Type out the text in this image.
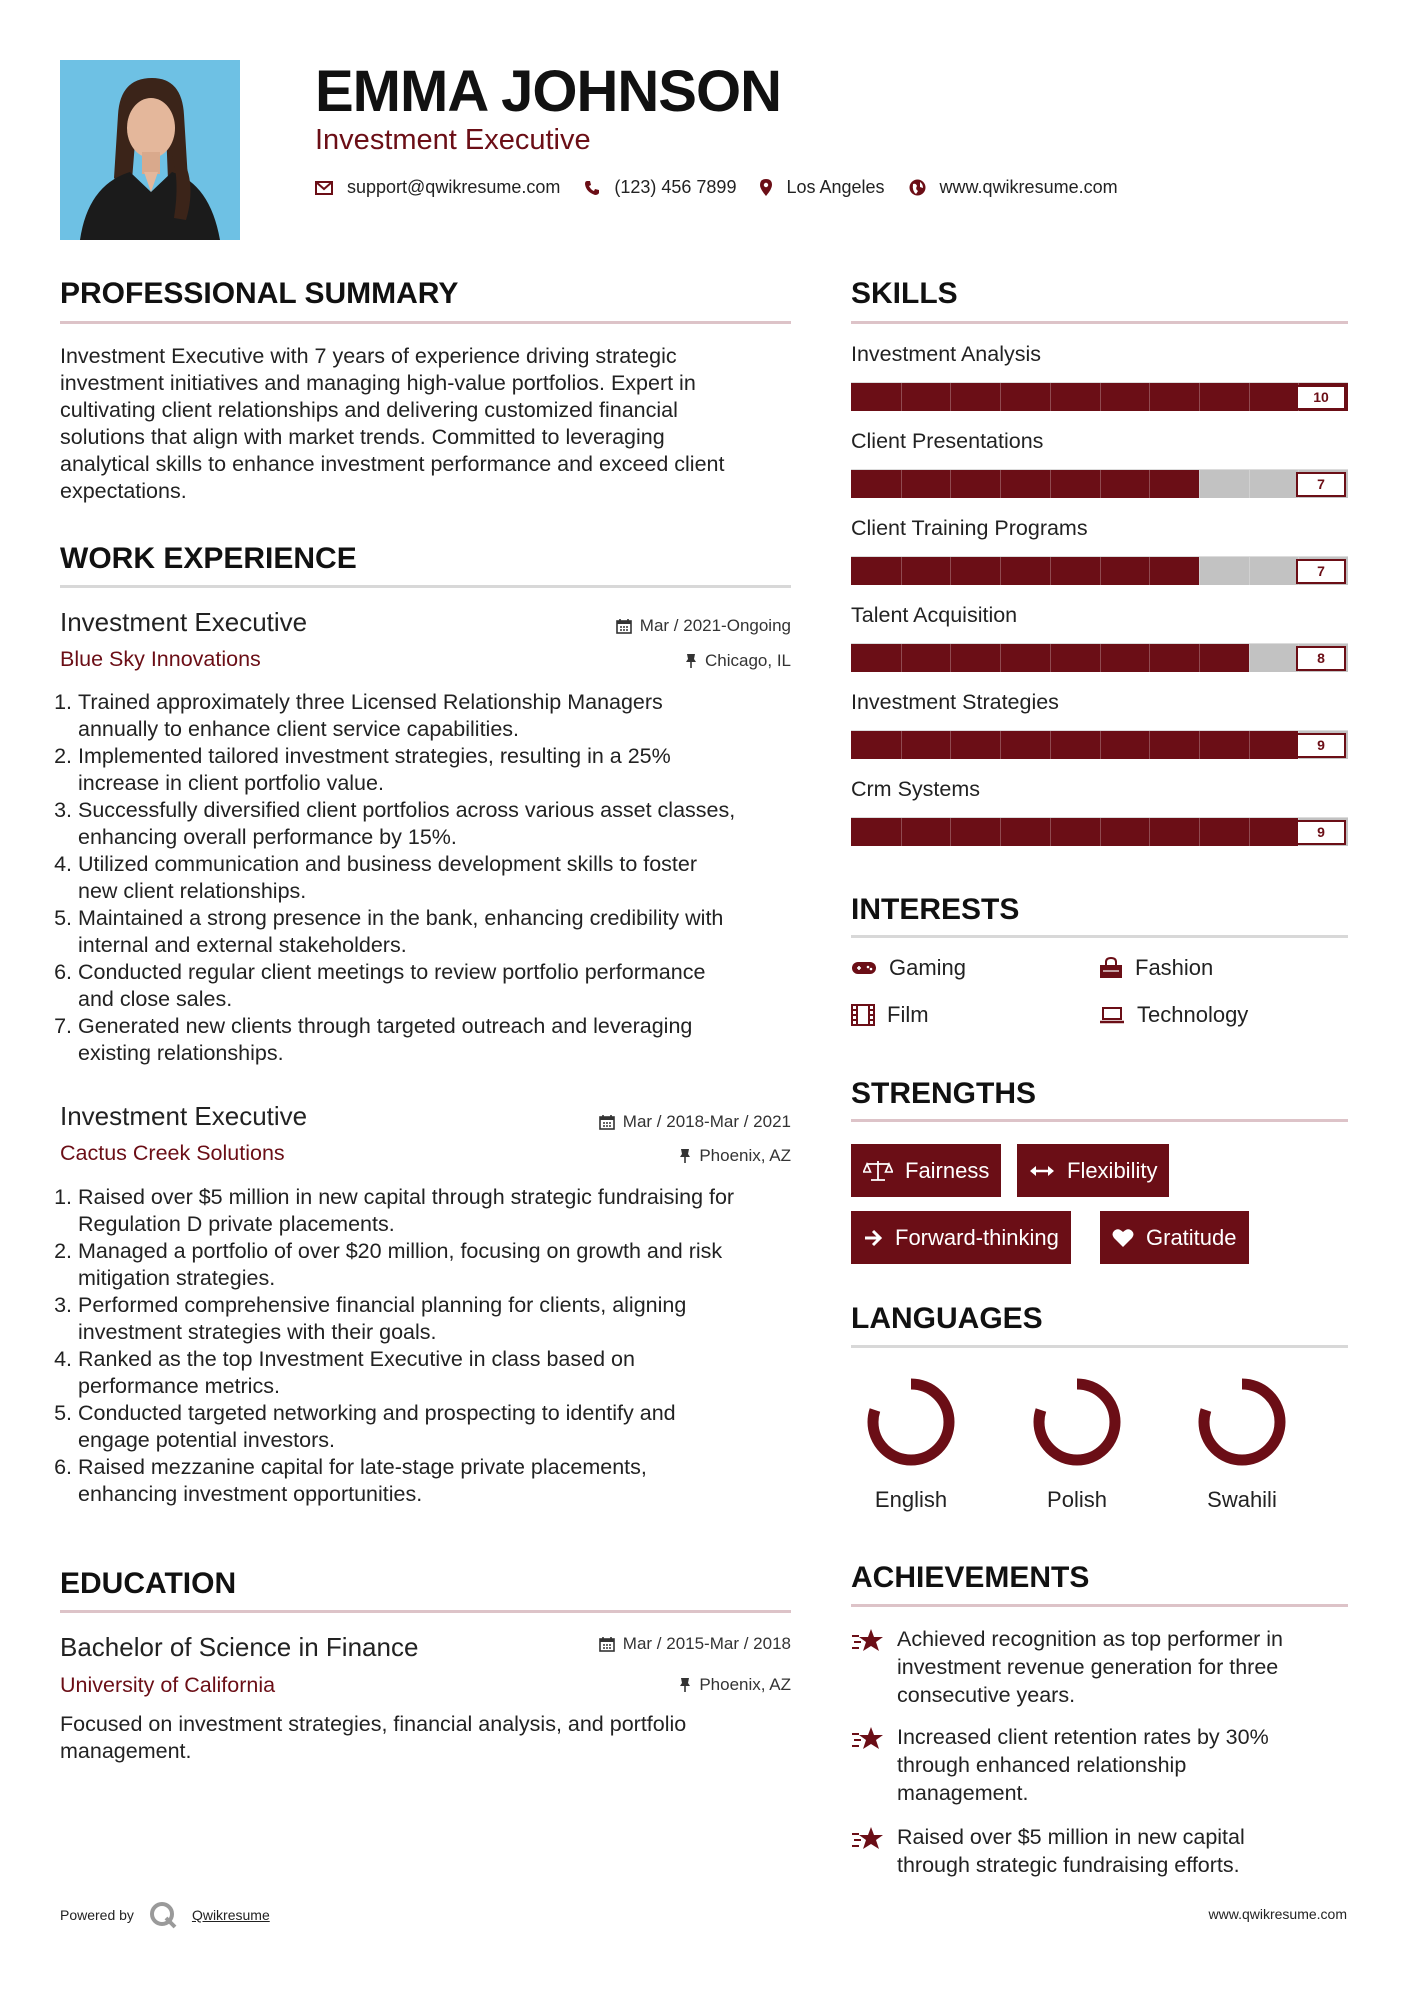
EMMA JOHNSON
Investment Executive
support@qwikresume.com	(123) 456 7899	Los Angeles	www.qwikresume.com
PROFESSIONAL SUMMARY
Investment Executive with 7 years of experience driving strategic
investment initiatives and managing high-value portfolios. Expert in
cultivating client relationships and delivering customized financial
solutions that align with market trends. Committed to leveraging
analytical skills to enhance investment performance and exceed client
expectations.
WORK EXPERIENCE
Investment Executive	Mar / 2021-Ongoing
Blue Sky Innovations	Chicago, IL
1. Trained approximately three Licensed Relationship Managers
annually to enhance client service capabilities.
2. Implemented tailored investment strategies, resulting in a 25%
increase in client portfolio value.
3. Successfully diversified client portfolios across various asset classes,
enhancing overall performance by 15%.
4. Utilized communication and business development skills to foster
new client relationships.
5. Maintained a strong presence in the bank, enhancing credibility with
internal and external stakeholders.
6. Conducted regular client meetings to review portfolio performance
and close sales.
7. Generated new clients through targeted outreach and leveraging
existing relationships.
Investment Executive	Mar / 2018-Mar / 2021
Cactus Creek Solutions	Phoenix, AZ
1. Raised over $5 million in new capital through strategic fundraising for
Regulation D private placements.
2. Managed a portfolio of over $20 million, focusing on growth and risk
mitigation strategies.
3. Performed comprehensive financial planning for clients, aligning
investment strategies with their goals.
4. Ranked as the top Investment Executive in class based on
performance metrics.
5. Conducted targeted networking and prospecting to identify and
engage potential investors.
6. Raised mezzanine capital for late-stage private placements,
enhancing investment opportunities.
EDUCATION
Bachelor of Science in Finance	Mar / 2015-Mar / 2018
University of California	Phoenix, AZ
Focused on investment strategies, financial analysis, and portfolio
management.
SKILLS
Investment Analysis
10
Client Presentations
7
Client Training Programs
7
Talent Acquisition
8
Investment Strategies
9
Crm Systems
9
INTERESTS
Gaming	Fashion
Film	Technology
STRENGTHS
Fairness	Flexibility
Forward-thinking	Gratitude
LANGUAGES
English	Polish	Swahili
ACHIEVEMENTS
Achieved recognition as top performer in
investment revenue generation for three
consecutive years.
Increased client retention rates by 30%
through enhanced relationship
management.
Raised over $5 million in new capital
through strategic fundraising efforts.
Powered by	Qwikresume	www.qwikresume.com
